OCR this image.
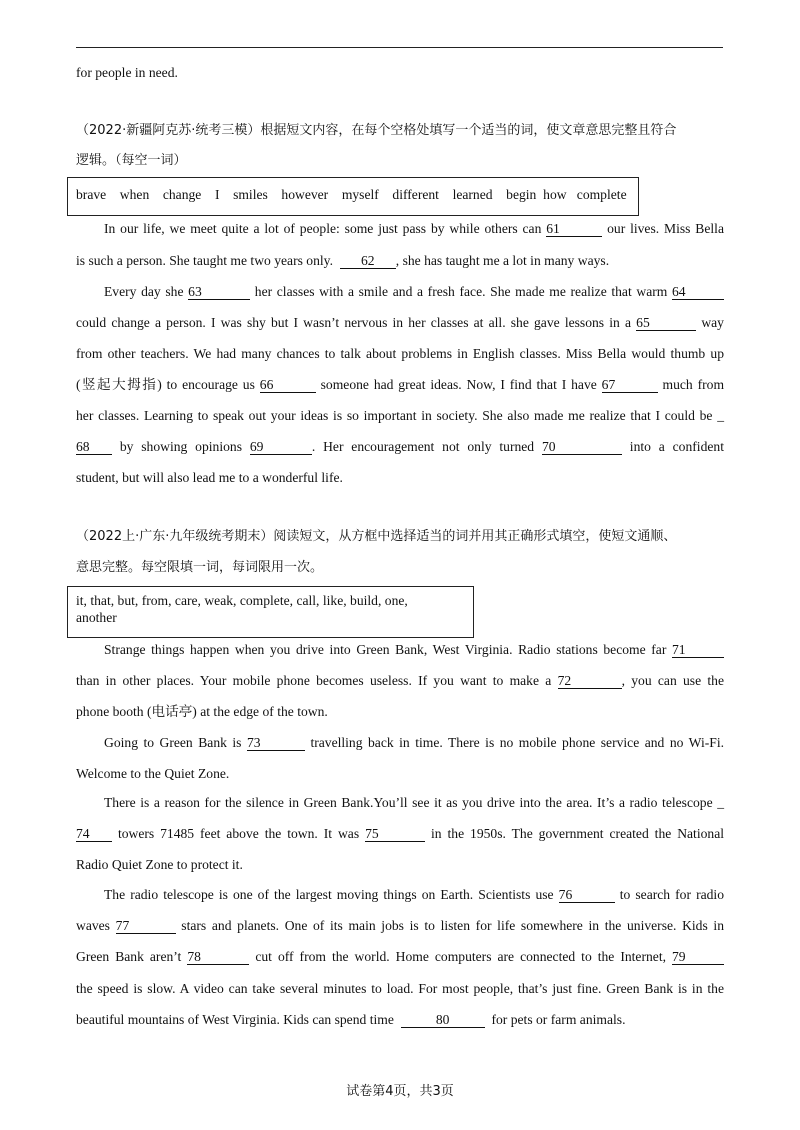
for people in need.
（2022·新疆阿克苏·统考三模）根据短文内容，在每个空格处填写一个适当的词，使文章意思完整且符合
逻辑。（每空一词）
brave when change I smiles however myself different learned begin how complete
In our life, we meet quite a lot of people: some just pass by while others can 61	our lives. Miss Bella
is such a person. She taught me two years only. 62 , she has taught me a lot in many ways.
Every day she 63	her classes with a smile and a fresh face. She made me realize that warm 64
could change a person. I was shy but I wasn’t nervous in her classes at all. she gave lessons in a 65	way
from other teachers. We had many chances to talk about problems in English classes. Miss Bella would thumb up
(竖起大拇指) to encourage us 66	someone had great ideas. Now, I find that I have 67	much from
her classes. Learning to speak out your ideas is so important in society. She also made me realize that I could be _
68 by showing opinions 69	. Her encouragement not only turned 70	into a confident
student, but will also lead me to a wonderful life.
（2022上·广东·九年级统考期末）阅读短文，从方框中选择适当的词并用其正确形式填空，使短文通顺、
意思完整。每空限填一词，每词限用一次。
it, that, but, from, care, weak, complete, call, like, build, one,
another
Strange things happen when you drive into Green Bank, West Virginia. Radio stations become far 71
than in other places. Your mobile phone becomes useless. If you want to make a 72	, you can use the
phone booth (电话亭) at the edge of the town.
Going to Green Bank is 73	travelling back in time. There is no mobile phone service and no Wi-Fi.
Welcome to the Quiet Zone.
There is a reason for the silence in Green Bank.You’ll see it as you drive into the area. It’s a radio telescope _
74 towers 71485 feet above the town. It was 75	in the 1950s. The government created the National
Radio Quiet Zone to protect it.
The radio telescope is one of the largest moving things on Earth. Scientists use 76	to search for radio
waves 77	stars and planets. One of its main jobs is to listen for life somewhere in the universe. Kids in
Green Bank aren’t 78	cut off from the world. Home computers are connected to the Internet, 79
the speed is slow. A video can take several minutes to load. For most people, that’s just fine. Green Bank is in the
beautiful mountains of West Virginia. Kids can spend time	80	for pets or farm animals.
试卷第4页，共3页
